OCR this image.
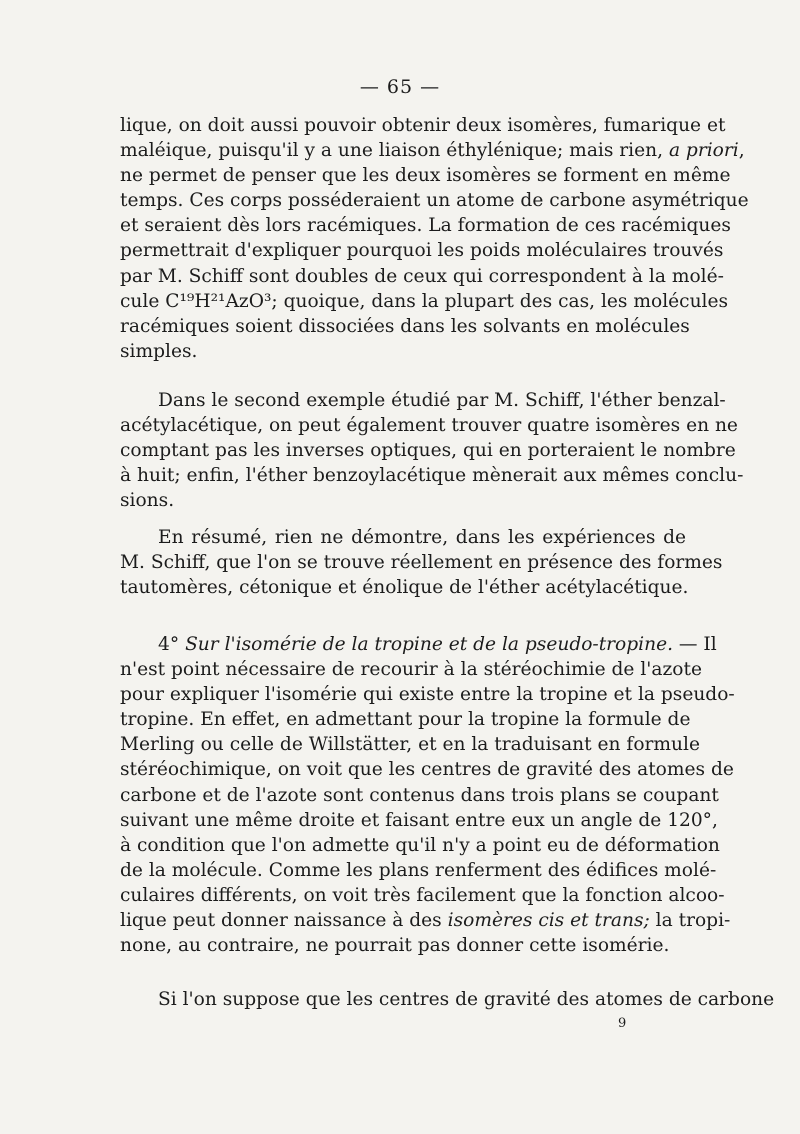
— 65 —
lique, on doit aussi pouvoir obtenir deux isomères, fumarique et
maléique, puisqu'il y a une liaison éthylénique; mais rien, a priori,
ne permet de penser que les deux isomères se forment en même
temps. Ces corps posséderaient un atome de carbone asymétrique
et seraient dès lors racémiques. La formation de ces racémiques
permettrait d'expliquer pourquoi les poids moléculaires trouvés
par M. Schiff sont doubles de ceux qui correspondent à la molé-
cule C¹⁹H²¹AzO³; quoique, dans la plupart des cas, les molécules
racémiques soient dissociées dans les solvants en molécules
simples.
Dans le second exemple étudié par M. Schiff, l'éther benzal-
acétylacétique, on peut également trouver quatre isomères en ne
comptant pas les inverses optiques, qui en porteraient le nombre
à huit; enfin, l'éther benzoylacétique mènerait aux mêmes conclu-
sions.
En résumé, rien ne démontre, dans les expériences de
M. Schiff, que l'on se trouve réellement en présence des formes
tautomères, cétonique et énolique de l'éther acétylacétique.
4° Sur l'isomérie de la tropine et de la pseudo-tropine. — Il
n'est point nécessaire de recourir à la stéréochimie de l'azote
pour expliquer l'isomérie qui existe entre la tropine et la pseudo-
tropine. En effet, en admettant pour la tropine la formule de
Merling ou celle de Willstätter, et en la traduisant en formule
stéréochimique, on voit que les centres de gravité des atomes de
carbone et de l'azote sont contenus dans trois plans se coupant
suivant une même droite et faisant entre eux un angle de 120°,
à condition que l'on admette qu'il n'y a point eu de déformation
de la molécule. Comme les plans renferment des édifices molé-
culaires différents, on voit très facilement que la fonction alcoo-
lique peut donner naissance à des isomères cis et trans; la tropi-
none, au contraire, ne pourrait pas donner cette isomérie.
Si l'on suppose que les centres de gravité des atomes de carbone
9
